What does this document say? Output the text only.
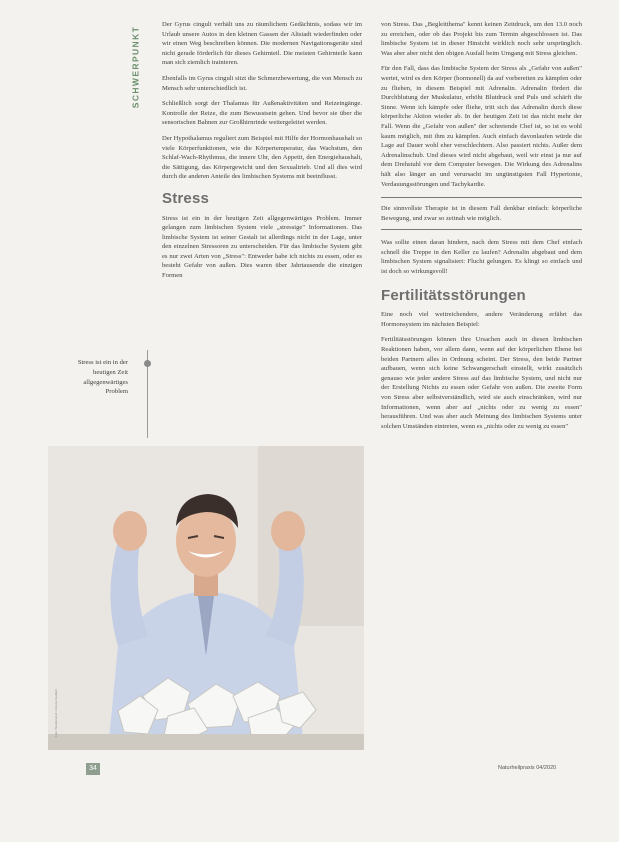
SCHWERPUNKT

Der Gyrus cinguli verhält uns zu räumlichem Gedächtnis, sodass wir im Urlaub unsere Autos in den kleinen Gassen der Altstadt wiederfinden oder wir einen Weg beschreiben können. Die modernen Navigationsgeräte sind nicht gerade förderlich für dieses Gehirnteil. Die meisten Gehirnteile kann man sich ziemlich trainieren.

Ebenfalls im Gyrus cinguli sitzt die Schmerzbewertung, die von Mensch zu Mensch sehr unterschiedlich ist.

Schließlich sorgt der Thalamus für Außenaktivitäten und Reizeingänge. Kontrolle der Reize, die zum Bewusstsein gehen. Und bevor sie über die sensorischen Bahnen zur Großhirnrinde weitergeleitet werden.

Der Hypothalamus reguliert zum Beispiel mit Hilfe der Hormonhaushalt so viele Körperfunktionen, wie die Körpertemperatur, das Wachstum, den Schlaf-Wach-Rhythmus, die innere Uhr, den Appetit, den Energiehaushalt, die Sättigung, das Körpergewicht und den Sexualtrieb. Und all dies wird durch die anderen Anteile des limbischen Systems mit beeinflusst.

Stress

Stress ist ein in der heutigen Zeit allgegenwärtiges Problem. Immer gelangen zum limbischen System viele „stressige" Informationen. Das limbische System ist seiner Gestalt ist allerdings nicht in der Lage, unter den einzelnen Stressoren zu unterscheiden. Für das limbische System gibt es nur zwei Arten von „Stress": Entweder habe ich nichts zu essen, oder es besteht Gefahr von außen. Dies waren über Jahrtausende die einzigen Formen

Stress ist ein in der heutigen Zeit allgegenwärtiges Problem

von Stress. Das „Begleitthema" kennt keinen Zeitdruck, um den 13.0 noch zu erreichen, oder ob das Projekt bis zum Termin abgeschlossen ist. Das limbische System ist in dieser Hinsicht wirklich noch sehr ursprünglich. Was aber aber nicht den obigen Ausfall beim Umgang mit Stress gleichen.

Für den Fall, dass das limbische System der Stress als „Gefahr von außen" wertet, wird es den Körper (hormonell) da auf vorbereiten zu kämpfen oder zu fliehen, in diesem Beispiel mit Adrenalin. Adrenalin fördert die Durchblutung der Muskulatur, erhöht Blutdruck und Puls und schärft die Sinne. Wenn ich kämpfe oder fliehe, tritt sich das Adrenalin durch diese körperliche Aktion wieder ab. In der heutigen Zeit ist das nicht mehr der Fall. Wenn die „Gefahr von außen" der schreiende Chef ist, so ist es wohl kaum möglich, mit ihm zu kämpfen. Auch einfach davonlaufen würde die Lage auf Dauer wohl eher verschlechtern. Also passiert nichts. Außer dem Adrenalinschub. Und dieses wird nicht abgebaut, weil wir einst ja nur auf dem Drehstuhl vor dem Computer bewegen. Die Wirkung des Adrenalins hält also länger an und verursacht im ungünstigsten Fall Hypertonie, Verdauungsstörungen und Tachykardie.

Die sinnvollste Therapie ist in diesem Fall denkbar einfach: körperliche Bewegung, und zwar so zeitnah wie möglich.

Was sollte einen daran hindern, nach dem Stress mit dem Chef einfach schnell die Treppe in den Keller zu laufen? Adrenalin abgebaut und dem limbischen System signalisiert: Flucht gelungen. Es klingt so einfach und ist doch so wirkungsvoll!

Fertilitätsstörungen

Eine noch viel weitreichendere, andere Veränderung erfährt das Hormonsystem im nächsten Beispiel:

Fertilitätsstörungen können ihre Ursachen auch in diesen limbischen Reaktionen haben, vor allem dann, wenn auf der körperlichen Ebene bei beiden Partnern alles in Ordnung scheint. Der Stress, den beide Partner aufbauen, wenn sich keine Schwangerschaft einstellt, wirkt zusätzlich genauso wie jeder andere Stress auf das limbische System, und nicht nur der Erstellung Nichts zu essen oder Gefahr von außen. Die zweite Form von Stress aber selbstverständlich, wird sie auch einschränken, wird nur Informationen, wenn aber auf „nichts oder zu wenig zu essen" herausführen. Und was aber auch Meinung des limbischen Systems unter solchen Umständen eintreten, wenn es „nichts oder zu wenig zu essen"

Foto: Shutterstock / Antonio Guillem
34	Naturheilpraxis 04/2020
